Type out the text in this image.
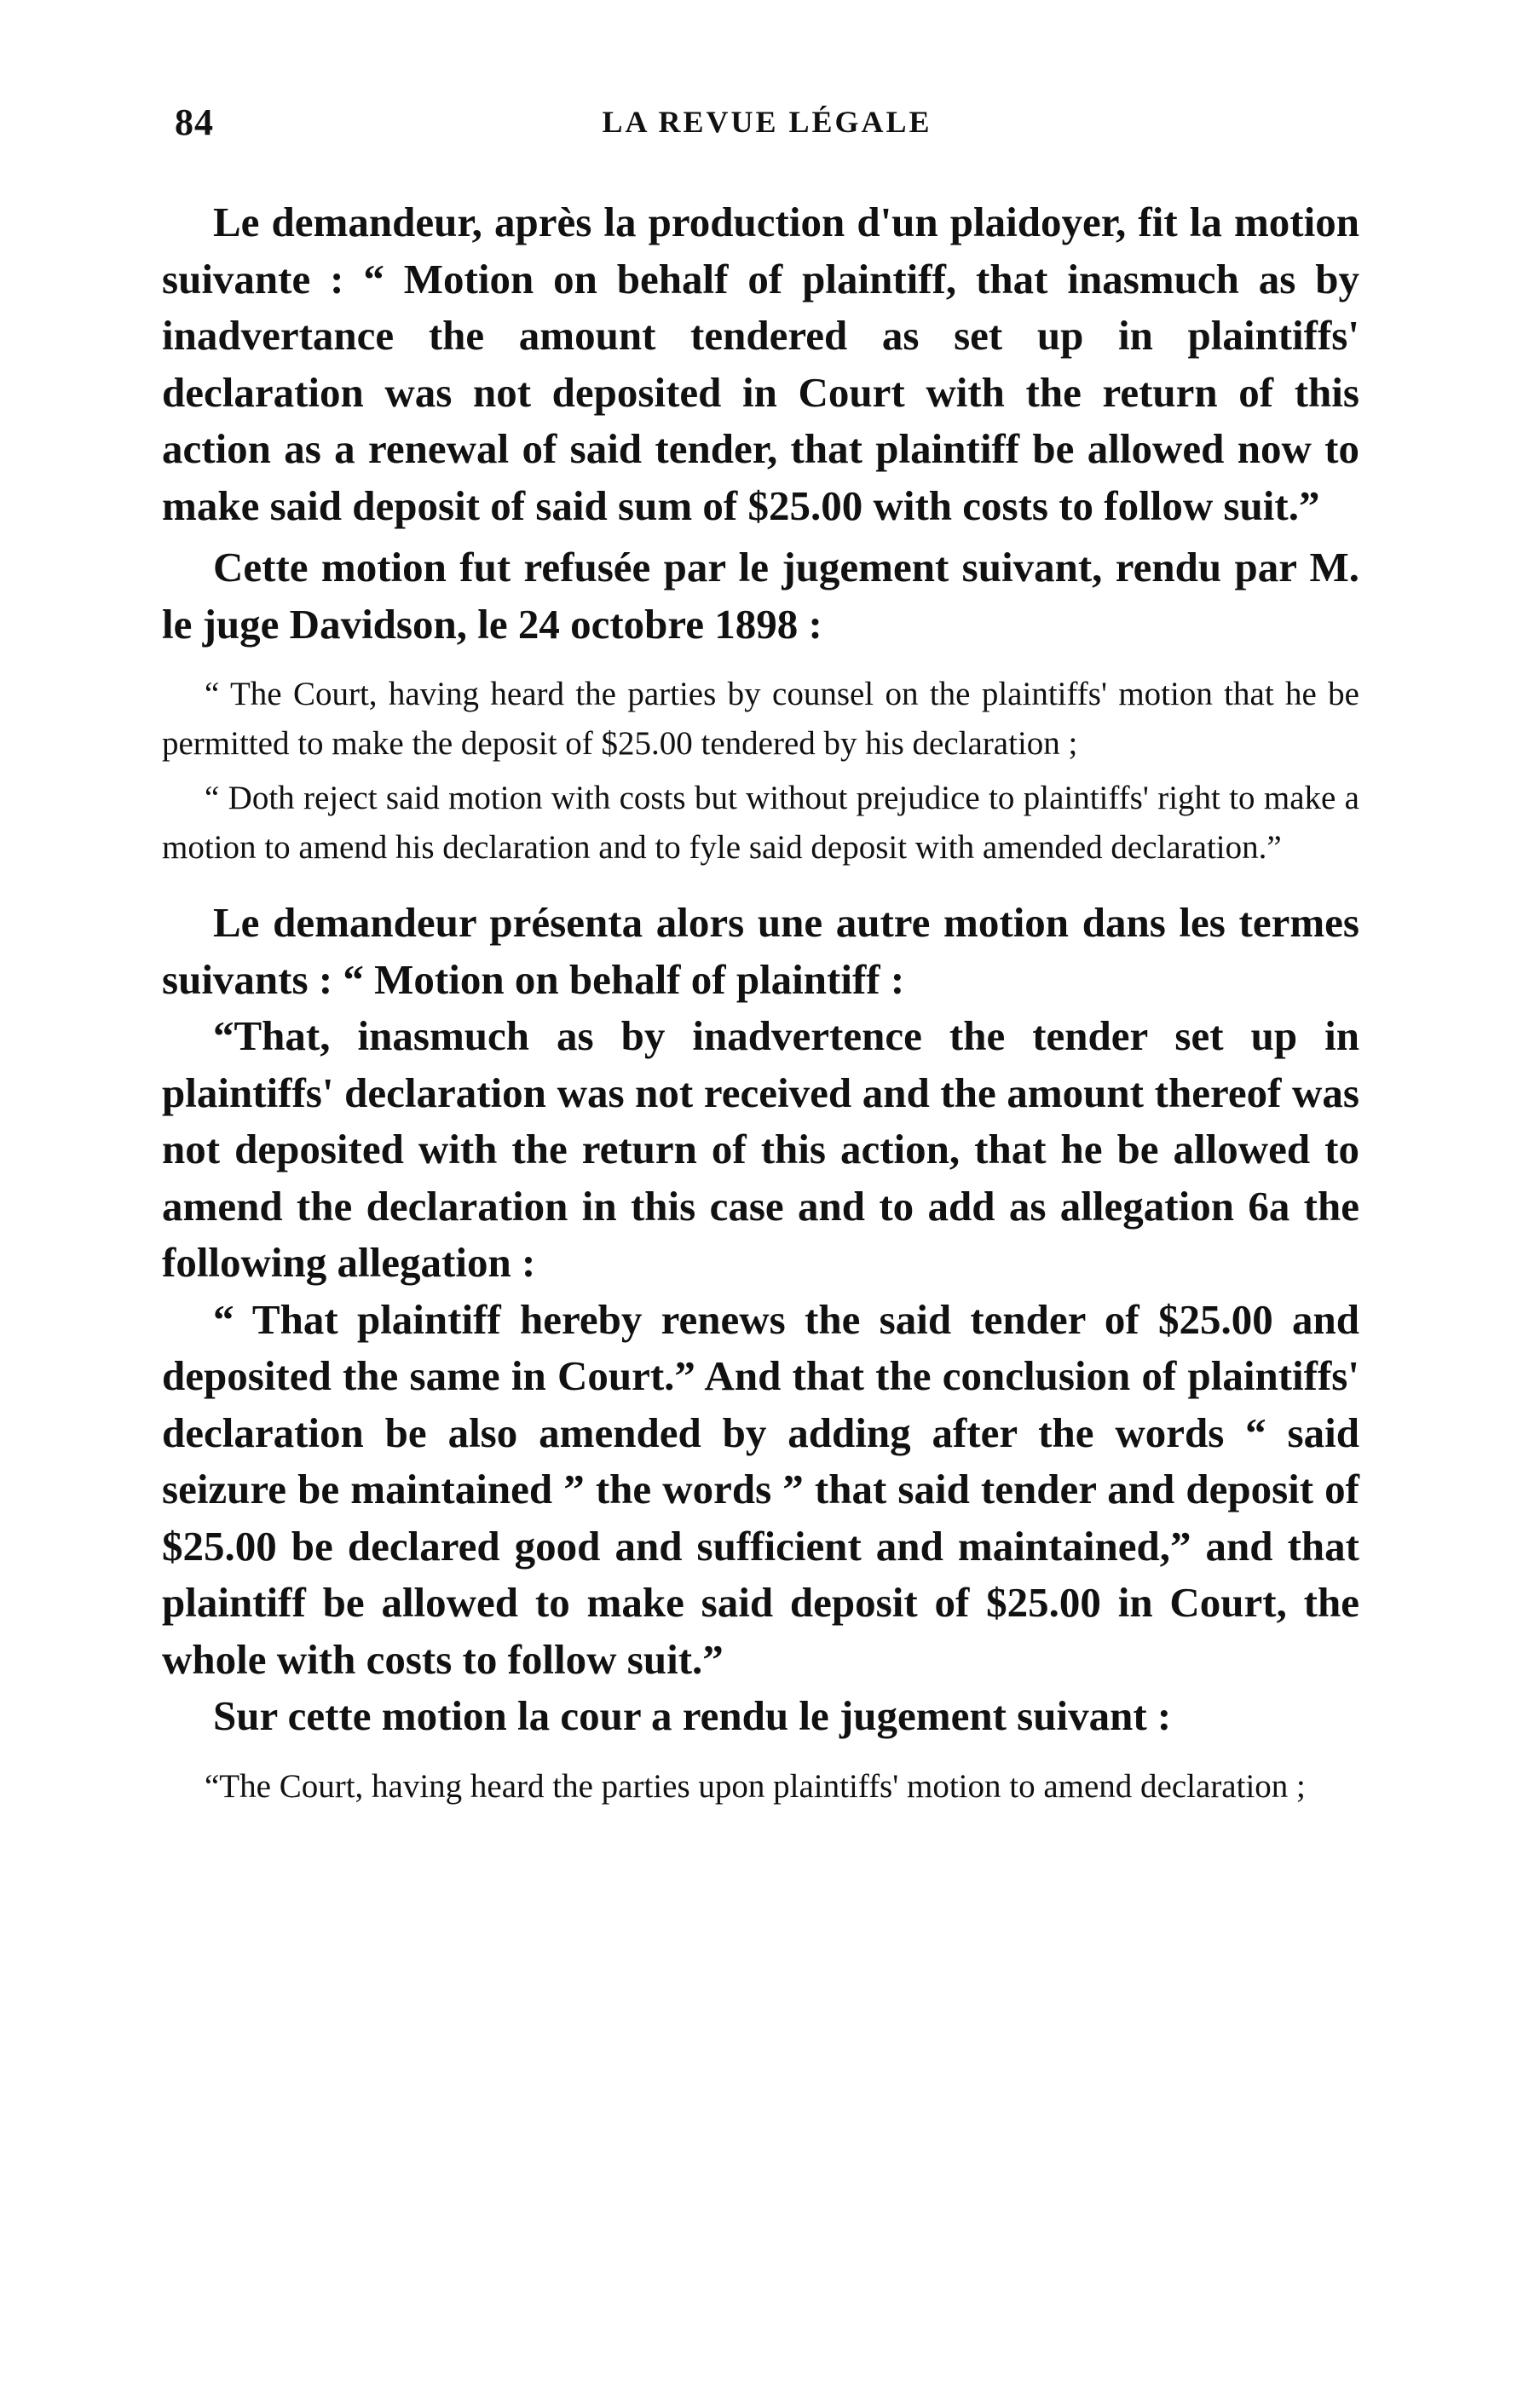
84	LA REVUE LÉGALE

Le demandeur, après la production d'un plaidoyer, fit la motion suivante : “ Motion on behalf of plaintiff, that inasmuch as by inadvertance the amount tendered as set up in plaintiffs' declaration was not deposited in Court with the return of this action as a renewal of said tender, that plaintiff be allowed now to make said deposit of said sum of $25.00 with costs to follow suit.”

Cette motion fut refusée par le jugement suivant, rendu par M. le juge Davidson, le 24 octobre 1898 :

“ The Court, having heard the parties by counsel on the plaintiffs' motion that he be permitted to make the deposit of $25.00 tendered by his declaration ;

“ Doth reject said motion with costs but without prejudice to plaintiffs' right to make a motion to amend his declaration and to fyle said deposit with amended declaration.”

Le demandeur présenta alors une autre motion dans les termes suivants : “ Motion on behalf of plaintiff :

“That, inasmuch as by inadvertence the tender set up in plaintiffs' declaration was not received and the amount thereof was not deposited with the return of this action, that he be allowed to amend the declaration in this case and to add as allegation 6a the following allegation :

“ That plaintiff hereby renews the said tender of $25.00 and deposited the same in Court.” And that the conclusion of plaintiffs' declaration be also amended by adding after the words “ said seizure be maintained ” the words ” that said tender and deposit of $25.00 be declared good and sufficient and maintained,” and that plaintiff be allowed to make said deposit of $25.00 in Court, the whole with costs to follow suit.”

Sur cette motion la cour a rendu le jugement suivant :

“The Court, having heard the parties upon plaintiffs' motion to amend declaration ;
